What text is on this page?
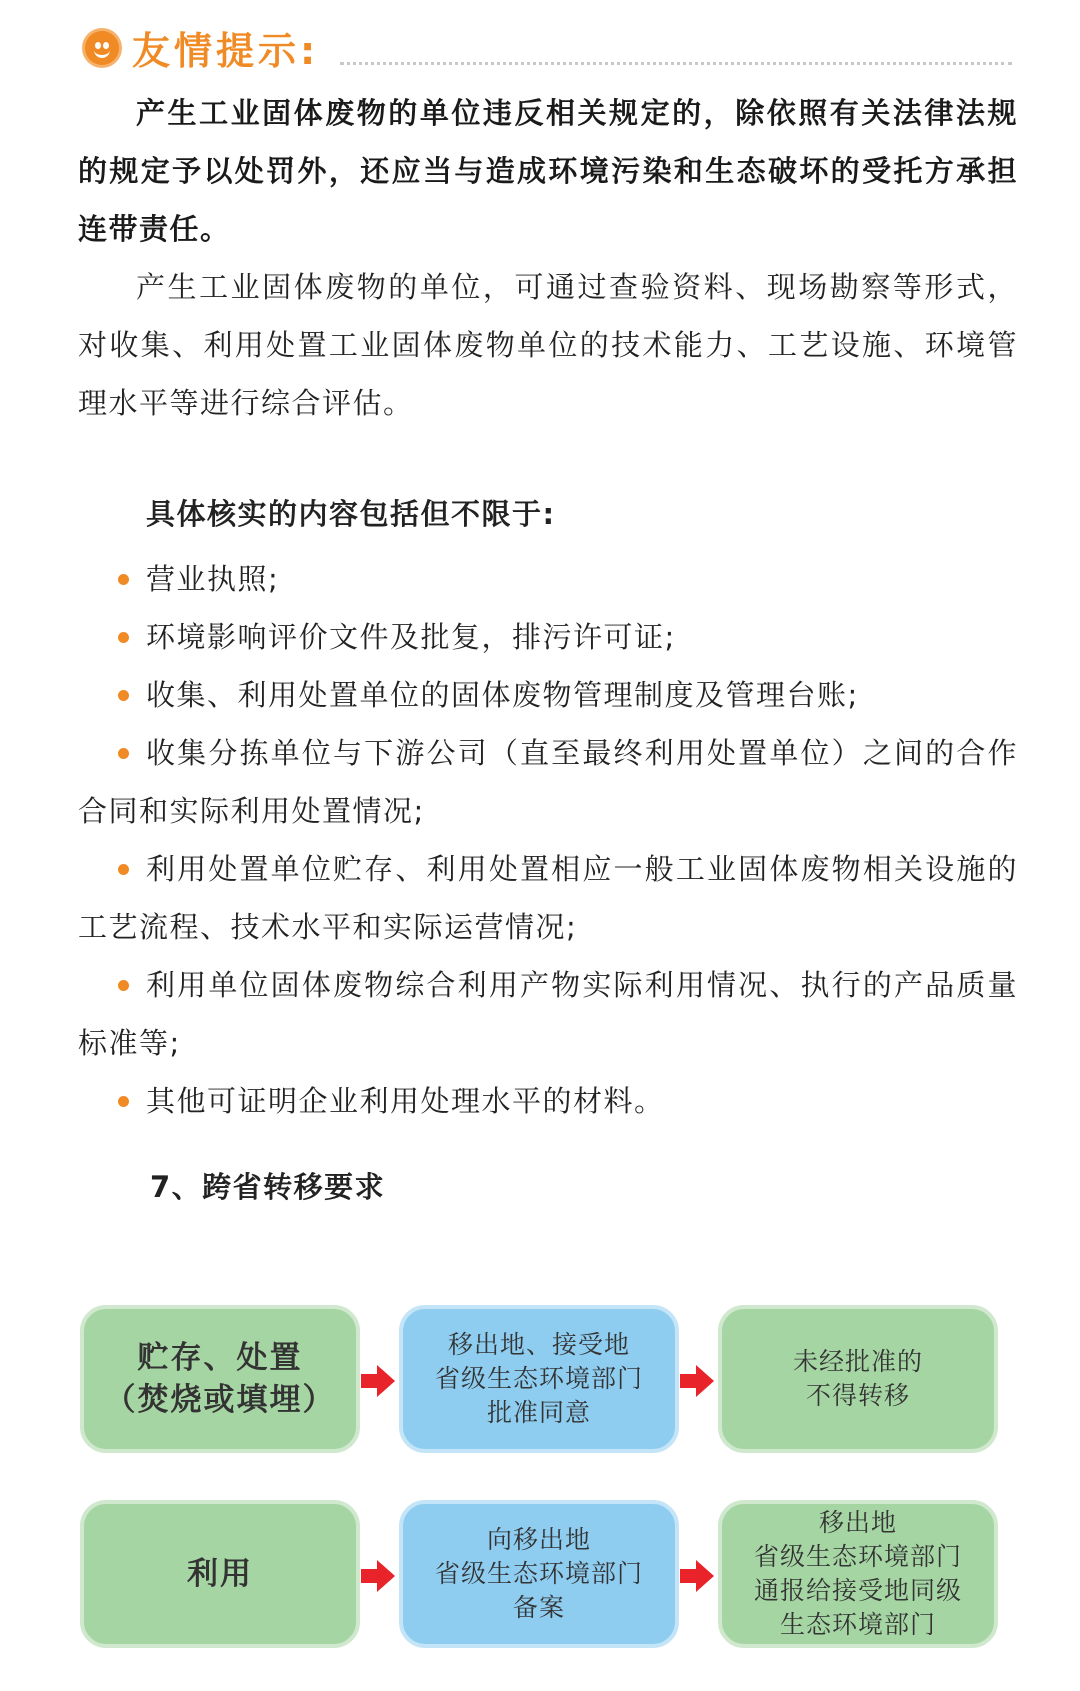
友情提示:
产生工业固体废物的单位违反相关规定的，除依照有关法律法规的规定予以处罚外，还应当与造成环境污染和生态破坏的受托方承担连带责任。
产生工业固体废物的单位，可通过查验资料、现场勘察等形式，对收集、利用处置工业固体废物单位的技术能力、工艺设施、环境管理水平等进行综合评估。
具体核实的内容包括但不限于:
营业执照;
环境影响评价文件及批复，排污许可证;
收集、利用处置单位的固体废物管理制度及管理台账;
收集分拣单位与下游公司（直至最终利用处置单位）之间的合作合同和实际利用处置情况;
利用处置单位贮存、利用处置相应一般工业固体废物相关设施的工艺流程、技术水平和实际运营情况;
利用单位固体废物综合利用产物实际利用情况、执行的产品质量标准等;
其他可证明企业利用处理水平的材料。
7、跨省转移要求
贮存、处置
（焚烧或填埋）
移出地、接受地
省级生态环境部门
批准同意
未经批准的
不得转移
利用
向移出地
省级生态环境部门
备案
移出地
省级生态环境部门
通报给接受地同级
生态环境部门
